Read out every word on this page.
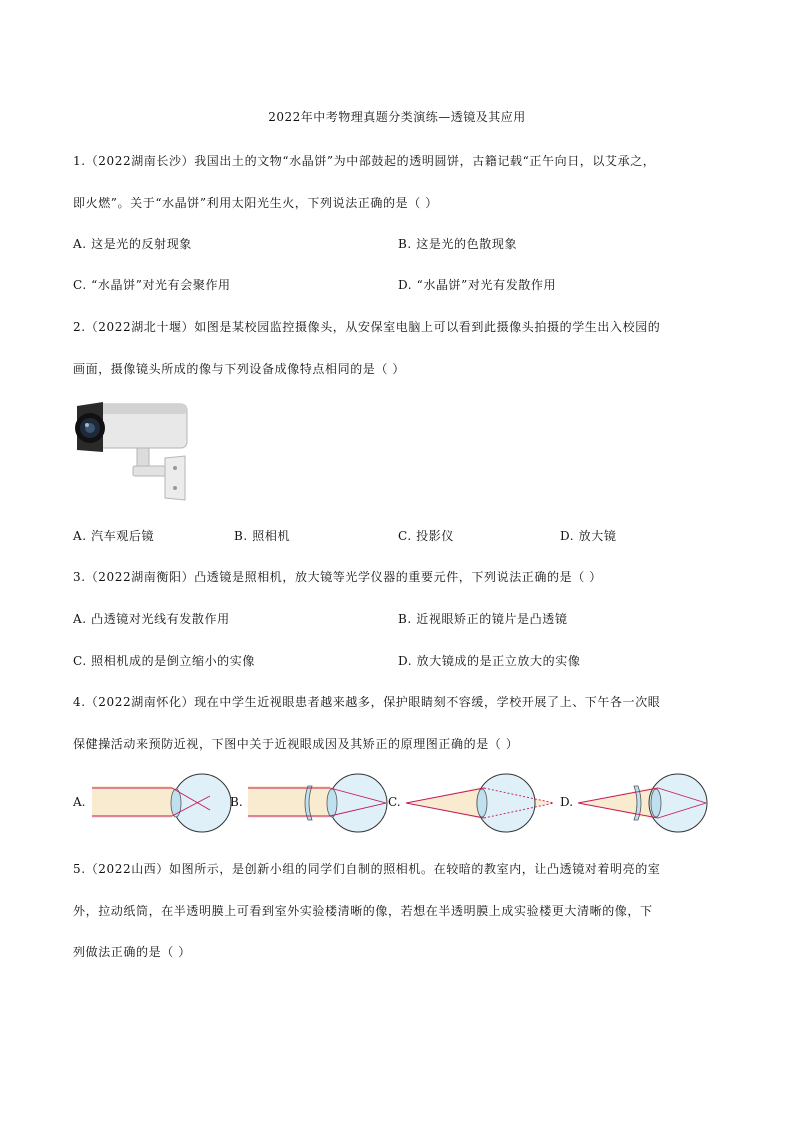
2022年中考物理真题分类演练—透镜及其应用
1.（2022湖南长沙）我国出土的文物“水晶饼”为中部鼓起的透明圆饼，古籍记载“正午向日，以艾承之，
即火燃”。关于“水晶饼”利用太阳光生火，下列说法正确的是（ ）
A. 这是光的反射现象	B. 这是光的色散现象
C. “水晶饼”对光有会聚作用	D. “水晶饼”对光有发散作用
2.（2022湖北十堰）如图是某校园监控摄像头，从安保室电脑上可以看到此摄像头拍摄的学生出入校园的
画面，摄像镜头所成的像与下列设备成像特点相同的是（ ）
A. 汽车观后镜	B. 照相机	C. 投影仪	D. 放大镜
3.（2022湖南衡阳）凸透镜是照相机，放大镜等光学仪器的重要元件，下列说法正确的是（ ）
A. 凸透镜对光线有发散作用	B. 近视眼矫正的镜片是凸透镜
C. 照相机成的是倒立缩小的实像	D. 放大镜成的是正立放大的实像
4.（2022湖南怀化）现在中学生近视眼患者越来越多，保护眼睛刻不容缓，学校开展了上、下午各一次眼
保健操活动来预防近视，下图中关于近视眼成因及其矫正的原理图正确的是（ ）
A.	B.	C.	D.
5.（2022山西）如图所示，是创新小组的同学们自制的照相机。在较暗的教室内，让凸透镜对着明亮的室
外，拉动纸筒，在半透明膜上可看到室外实验楼清晰的像，若想在半透明膜上成实验楼更大清晰的像，下
列做法正确的是（ ）
